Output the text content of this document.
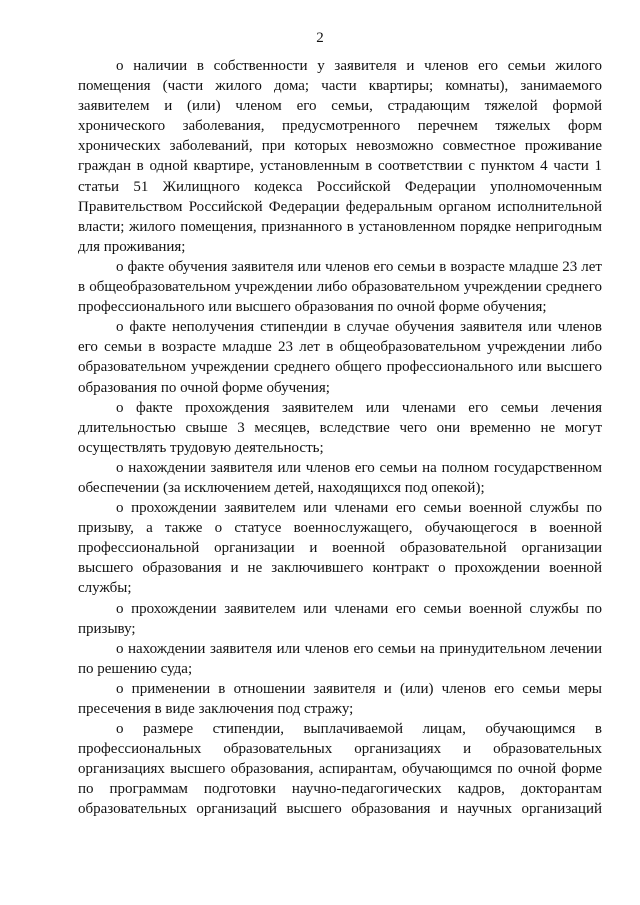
2

о наличии в собственности у заявителя и членов его семьи жилого помещения (части жилого дома; части квартиры; комнаты), занимаемого заявителем и (или) членом его семьи, страдающим тяжелой формой хронического заболевания, предусмотренного перечнем тяжелых форм хронических заболеваний, при которых невозможно совместное проживание граждан в одной квартире, установленным в соответствии с пунктом 4 части 1 статьи 51 Жилищного кодекса Российской Федерации уполномоченным Правительством Российской Федерации федеральным органом исполнительной власти; жилого помещения, признанного в установленном порядке непригодным для проживания;

о факте обучения заявителя или членов его семьи в возрасте младше 23 лет в общеобразовательном учреждении либо образовательном учреждении среднего профессионального или высшего образования по очной форме обучения;

о факте неполучения стипендии в случае обучения заявителя или членов его семьи в возрасте младше 23 лет в общеобразовательном учреждении либо образовательном учреждении среднего общего профессионального или высшего образования по очной форме обучения;

о факте прохождения заявителем или членами его семьи лечения длительностью свыше 3 месяцев, вследствие чего они временно не могут осуществлять трудовую деятельность;

о нахождении заявителя или членов его семьи на полном государственном обеспечении (за исключением детей, находящихся под опекой);

о прохождении заявителем или членами его семьи военной службы по призыву, а также о статусе военнослужащего, обучающегося в военной профессиональной организации и военной образовательной организации высшего образования и не заключившего контракт о прохождении военной службы;

о прохождении заявителем или членами его семьи военной службы по призыву;

о нахождении заявителя или членов его семьи на принудительном лечении по решению суда;

о применении в отношении заявителя и (или) членов его семьи меры пресечения в виде заключения под стражу;

о размере стипендии, выплачиваемой лицам, обучающимся в профессиональных образовательных организациях и образовательных организациях высшего образования, аспирантам, обучающимся по очной форме по программам подготовки научно-педагогических кадров, докторантам образовательных организаций высшего образования и научных организаций
